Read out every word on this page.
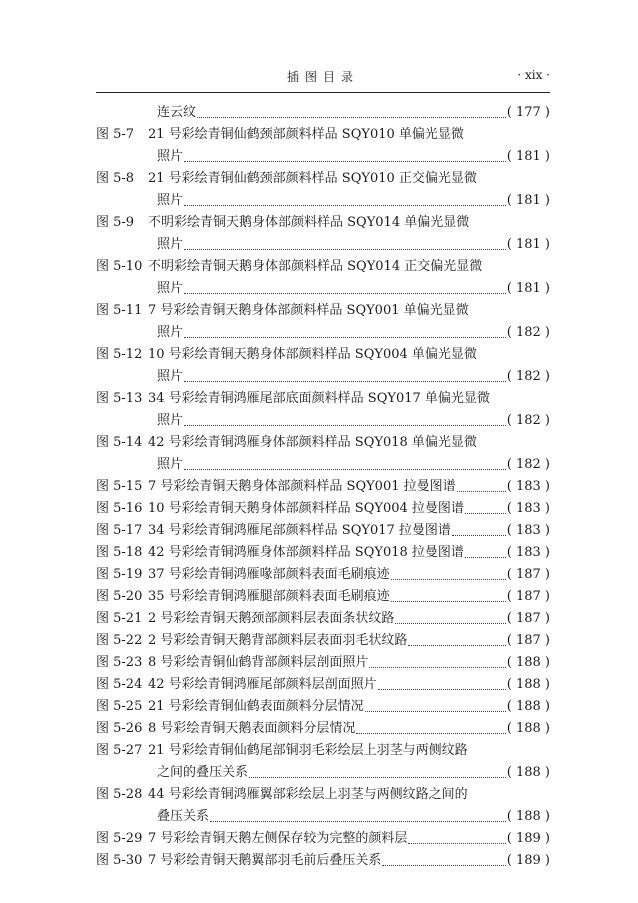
插图目录	· xix ·
连云纹	( 177 )
图 5-7	21 号彩绘青铜仙鹤颈部颜料样品 SQY010 单偏光显微
照片	( 181 )
图 5-8	21 号彩绘青铜仙鹤颈部颜料样品 SQY010 正交偏光显微
照片	( 181 )
图 5-9	不明彩绘青铜天鹅身体部颜料样品 SQY014 单偏光显微
照片	( 181 )
图 5-10 不明彩绘青铜天鹅身体部颜料样品 SQY014 正交偏光显微
照片	( 181 )
图 5-11 7 号彩绘青铜天鹅身体部颜料样品 SQY001 单偏光显微
照片	( 182 )
图 5-12 10 号彩绘青铜天鹅身体部颜料样品 SQY004 单偏光显微
照片	( 182 )
图 5-13 34 号彩绘青铜鸿雁尾部底面颜料样品 SQY017 单偏光显微
照片	( 182 )
图 5-14 42 号彩绘青铜鸿雁身体部颜料样品 SQY018 单偏光显微
照片	( 182 )
图 5-15 7 号彩绘青铜天鹅身体部颜料样品 SQY001 拉曼图谱	( 183 )
图 5-16 10 号彩绘青铜天鹅身体部颜料样品 SQY004 拉曼图谱	( 183 )
图 5-17 34 号彩绘青铜鸿雁尾部颜料样品 SQY017 拉曼图谱	( 183 )
图 5-18 42 号彩绘青铜鸿雁身体部颜料样品 SQY018 拉曼图谱	( 183 )
图 5-19 37 号彩绘青铜鸿雁喙部颜料表面毛刷痕迹	( 187 )
图 5-20 35 号彩绘青铜鸿雁腿部颜料表面毛刷痕迹	( 187 )
图 5-21 2 号彩绘青铜天鹅颈部颜料层表面条状纹路	( 187 )
图 5-22 2 号彩绘青铜天鹅背部颜料层表面羽毛状纹路	( 187 )
图 5-23 8 号彩绘青铜仙鹤背部颜料层剖面照片	( 188 )
图 5-24 42 号彩绘青铜鸿雁尾部颜料层剖面照片	( 188 )
图 5-25 21 号彩绘青铜仙鹤表面颜料分层情况	( 188 )
图 5-26 8 号彩绘青铜天鹅表面颜料分层情况	( 188 )
图 5-27 21 号彩绘青铜仙鹤尾部铜羽毛彩绘层上羽茎与两侧纹路
之间的叠压关系	( 188 )
图 5-28 44 号彩绘青铜鸿雁翼部彩绘层上羽茎与两侧纹路之间的
叠压关系	( 188 )
图 5-29 7 号彩绘青铜天鹅左侧保存较为完整的颜料层	( 189 )
图 5-30 7 号彩绘青铜天鹅翼部羽毛前后叠压关系	( 189 )
